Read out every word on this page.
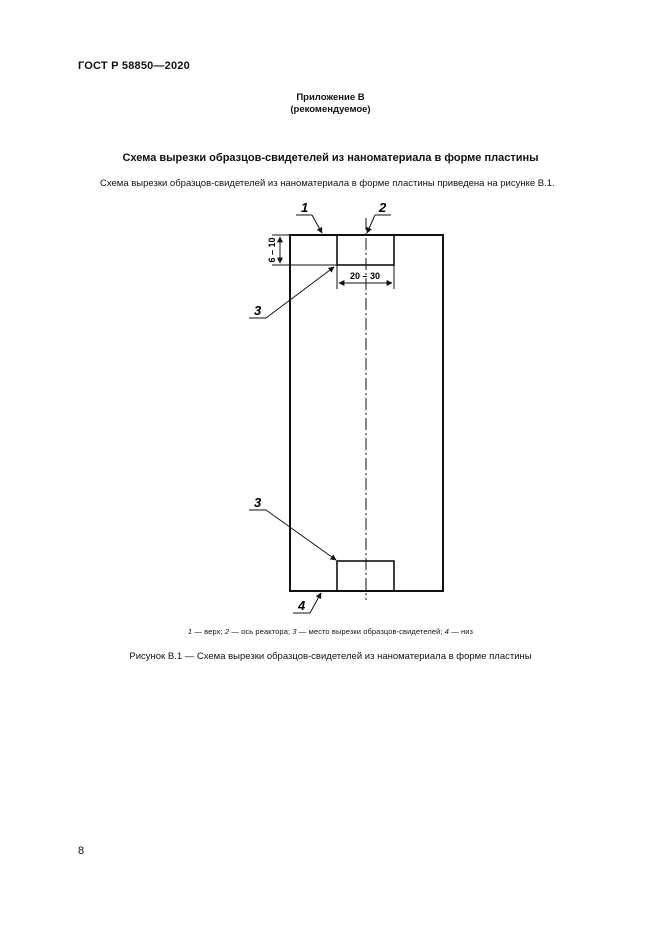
ГОСТ Р 58850—2020
Приложение В
(рекомендуемое)
Схема вырезки образцов-свидетелей из наноматериала в форме пластины
Схема вырезки образцов-свидетелей из наноматериала в форме пластины приведена на рисунке В.1.
6 – 10
20 – 30
1	2
3
3
4
1 — верх; 2 — ось реактора; 3 — место вырезки образцов-свидетелей; 4 — низ
Рисунок В.1 — Схема вырезки образцов-свидетелей из наноматериала в форме пластины
8
